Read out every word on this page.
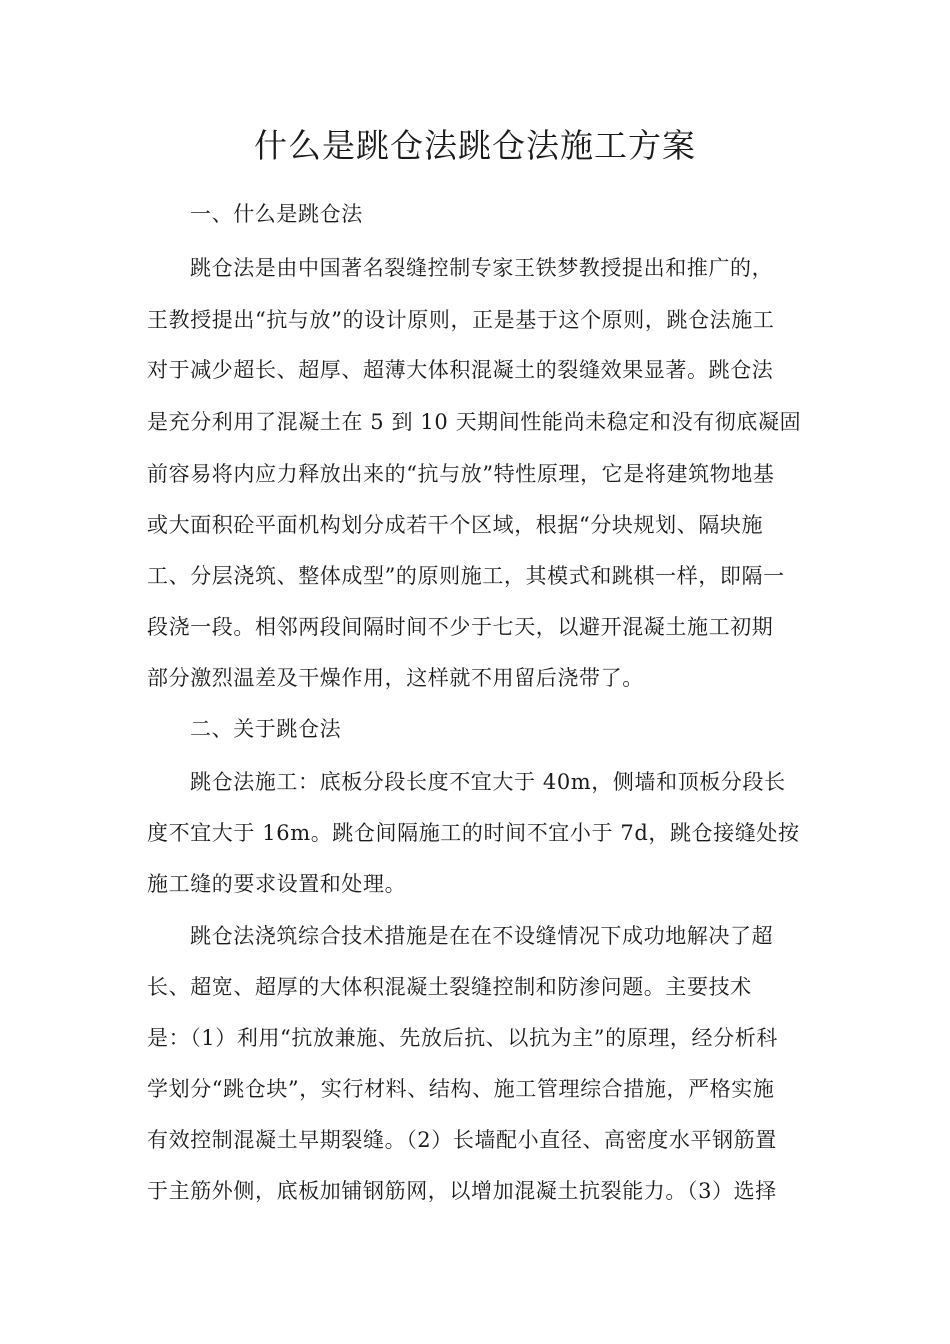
什么是跳仓法跳仓法施工方案
一、什么是跳仓法
跳仓法是由中国著名裂缝控制专家王铁梦教授提出和推广的，
王教授提出“抗与放”的设计原则，正是基于这个原则，跳仓法施工
对于减少超长、超厚、超薄大体积混凝土的裂缝效果显著。跳仓法
是充分利用了混凝土在 5 到 10 天期间性能尚未稳定和没有彻底凝固
前容易将内应力释放出来的“抗与放”特性原理，它是将建筑物地基
或大面积砼平面机构划分成若干个区域，根据“分块规划、隔块施
工、分层浇筑、整体成型”的原则施工，其模式和跳棋一样，即隔一
段浇一段。相邻两段间隔时间不少于七天，以避开混凝土施工初期
部分激烈温差及干燥作用，这样就不用留后浇带了。
二、关于跳仓法
跳仓法施工：底板分段长度不宜大于 40m，侧墙和顶板分段长
度不宜大于 16m。跳仓间隔施工的时间不宜小于 7d，跳仓接缝处按
施工缝的要求设置和处理。
跳仓法浇筑综合技术措施是在在不设缝情况下成功地解决了超
长、超宽、超厚的大体积混凝土裂缝控制和防渗问题。主要技术
是：（1）利用“抗放兼施、先放后抗、以抗为主”的原理，经分析科
学划分“跳仓块”，实行材料、结构、施工管理综合措施，严格实施
有效控制混凝土早期裂缝。（2）长墙配小直径、高密度水平钢筋置
于主筋外侧，底板加铺钢筋网，以增加混凝土抗裂能力。（3）选择
